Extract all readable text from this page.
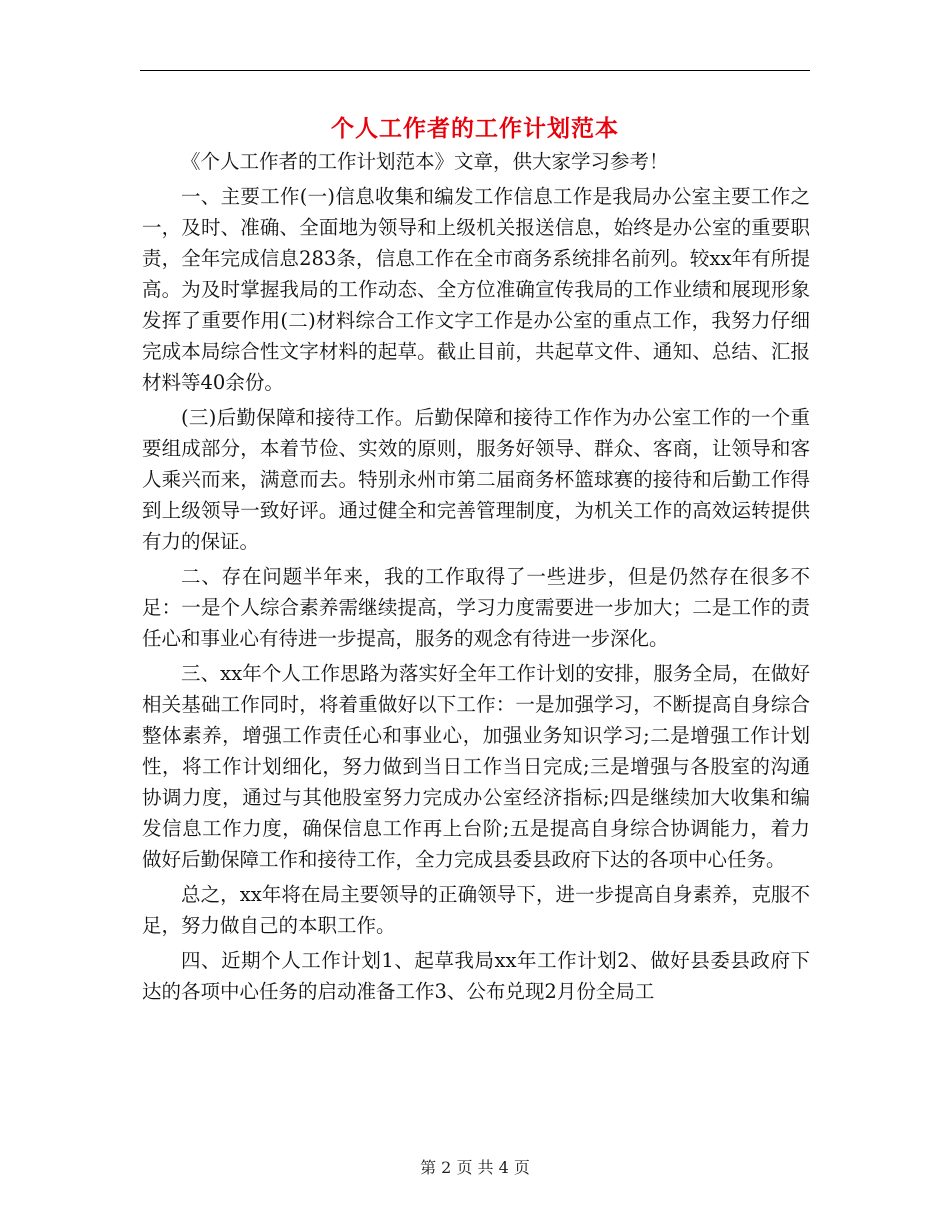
个人工作者的工作计划范本

《个人工作者的工作计划范本》文章，供大家学习参考！

一、主要工作(一)信息收集和编发工作信息工作是我局办公室主要工作之一，及时、准确、全面地为领导和上级机关报送信息，始终是办公室的重要职责，全年完成信息283条，信息工作在全市商务系统排名前列。较xx年有所提高。为及时掌握我局的工作动态、全方位准确宣传我局的工作业绩和展现形象发挥了重要作用(二)材料综合工作文字工作是办公室的重点工作，我努力仔细完成本局综合性文字材料的起草。截止目前，共起草文件、通知、总结、汇报材料等40余份。

(三)后勤保障和接待工作。后勤保障和接待工作作为办公室工作的一个重要组成部分，本着节俭、实效的原则，服务好领导、群众、客商，让领导和客人乘兴而来，满意而去。特别永州市第二届商务杯篮球赛的接待和后勤工作得到上级领导一致好评。通过健全和完善管理制度，为机关工作的高效运转提供有力的保证。

二、存在问题半年来，我的工作取得了一些进步，但是仍然存在很多不足：一是个人综合素养需继续提高，学习力度需要进一步加大；二是工作的责任心和事业心有待进一步提高，服务的观念有待进一步深化。

三、xx年个人工作思路为落实好全年工作计划的安排，服务全局，在做好相关基础工作同时，将着重做好以下工作：一是加强学习，不断提高自身综合整体素养，增强工作责任心和事业心，加强业务知识学习;二是增强工作计划性，将工作计划细化，努力做到当日工作当日完成;三是增强与各股室的沟通协调力度，通过与其他股室努力完成办公室经济指标;四是继续加大收集和编发信息工作力度，确保信息工作再上台阶;五是提高自身综合协调能力，着力做好后勤保障工作和接待工作，全力完成县委县政府下达的各项中心任务。

总之，xx年将在局主要领导的正确领导下，进一步提高自身素养，克服不足，努力做自己的本职工作。

四、近期个人工作计划1、起草我局xx年工作计划2、做好县委县政府下达的各项中心任务的启动准备工作3、公布兑现2月份全局工

第 2 页 共 4 页
